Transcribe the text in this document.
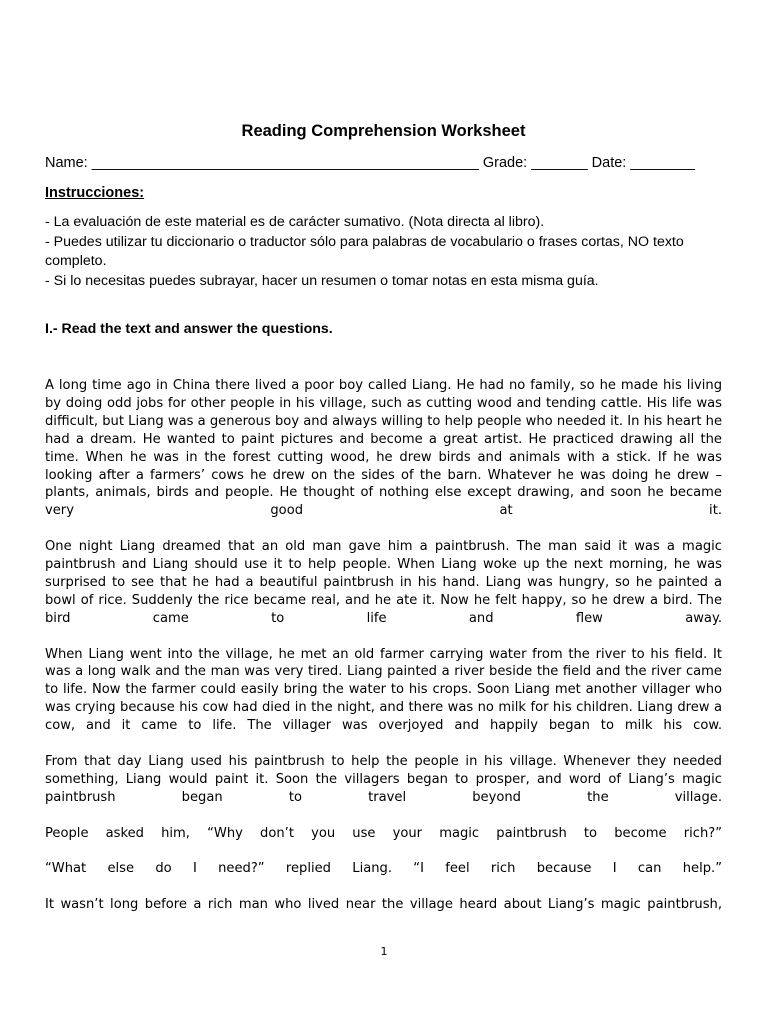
Reading Comprehension Worksheet
Name: ________________________________________________ Grade: _______ Date: ________
Instrucciones:
- La evaluación de este material es de carácter sumativo. (Nota directa al libro).
- Puedes utilizar tu diccionario o traductor sólo para palabras de vocabulario o frases cortas, NO texto completo.
- Si lo necesitas puedes subrayar, hacer un resumen o tomar notas en esta misma guía.
I.- Read the text and answer the questions.

A long time ago in China there lived a poor boy called Liang. He had no family, so he made his living by doing odd jobs for other people in his village, such as cutting wood and tending cattle. His life was difficult, but Liang was a generous boy and always willing to help people who needed it. In his heart he had a dream. He wanted to paint pictures and become a great artist. He practiced drawing all the time. When he was in the forest cutting wood, he drew birds and animals with a stick. If he was looking after a farmers’ cows he drew on the sides of the barn. Whatever he was doing he drew – plants, animals, birds and people. He thought of nothing else except drawing, and soon he became very good at it.

One night Liang dreamed that an old man gave him a paintbrush. The man said it was a magic paintbrush and Liang should use it to help people. When Liang woke up the next morning, he was surprised to see that he had a beautiful paintbrush in his hand. Liang was hungry, so he painted a bowl of rice. Suddenly the rice became real, and he ate it. Now he felt happy, so he drew a bird. The bird came to life and flew away.

When Liang went into the village, he met an old farmer carrying water from the river to his field. It was a long walk and the man was very tired. Liang painted a river beside the field and the river came to life. Now the farmer could easily bring the water to his crops. Soon Liang met another villager who was crying because his cow had died in the night, and there was no milk for his children. Liang drew a cow, and it came to life. The villager was overjoyed and happily began to milk his cow.

From that day Liang used his paintbrush to help the people in his village. Whenever they needed something, Liang would paint it. Soon the villagers began to prosper, and word of Liang’s magic paintbrush began to travel beyond the village.

People asked him, “Why don’t you use your magic paintbrush to become rich?”

“What else do I need?” replied Liang. “I feel rich because I can help.”

It wasn’t long before a rich man who lived near the village heard about Liang’s magic paintbrush,

1
